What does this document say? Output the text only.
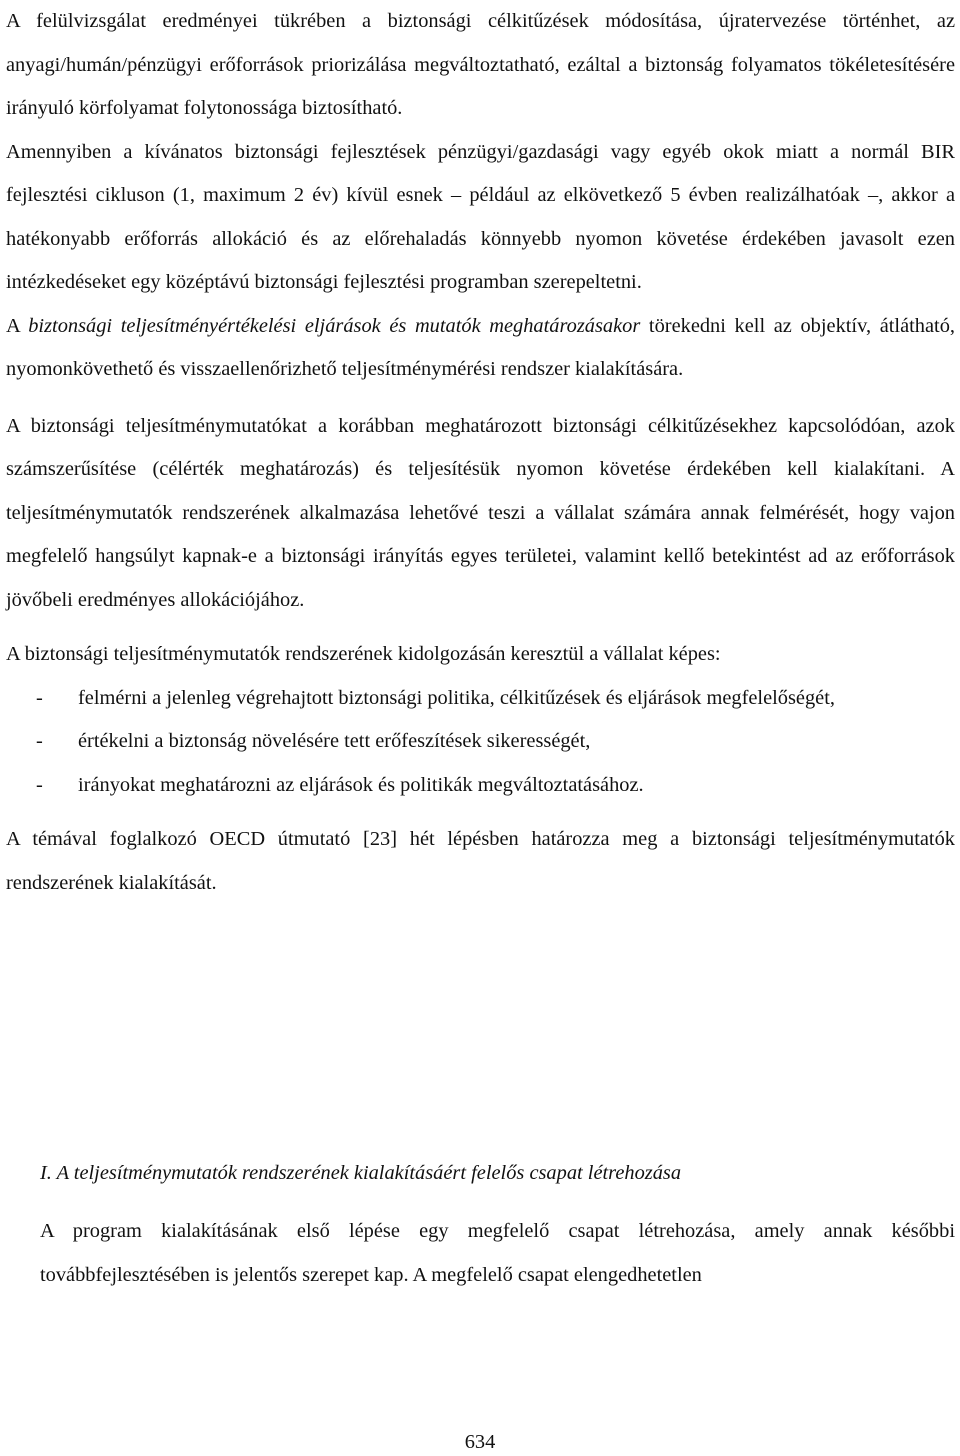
A felülvizsgálat eredményei tükrében a biztonsági célkitűzések módosítása, újratervezése történhet, az anyagi/humán/pénzügyi erőforrások priorizálása megváltoztatható, ezáltal a biztonság folyamatos tökéletesítésére irányuló körfolyamat folytonossága biztosítható.

Amennyiben a kívánatos biztonsági fejlesztések pénzügyi/gazdasági vagy egyéb okok miatt a normál BIR fejlesztési cikluson (1, maximum 2 év) kívül esnek – például az elkövetkező 5 évben realizálhatóak –, akkor a hatékonyabb erőforrás allokáció és az előrehaladás könnyebb nyomon követése érdekében javasolt ezen intézkedéseket egy középtávú biztonsági fejlesztési programban szerepeltetni.

A biztonsági teljesítményértékelési eljárások és mutatók meghatározásakor törekedni kell az objektív, átlátható, nyomonkövethető és visszaellenőrizhető teljesítménymérési rendszer kialakítására.

A biztonsági teljesítménymutatókat a korábban meghatározott biztonsági célkitűzésekhez kapcsolódóan, azok számszerűsítése (célérték meghatározás) és teljesítésük nyomon követése érdekében kell kialakítani. A teljesítménymutatók rendszerének alkalmazása lehetővé teszi a vállalat számára annak felmérését, hogy vajon megfelelő hangsúlyt kapnak-e a biztonsági irányítás egyes területei, valamint kellő betekintést ad az erőforrások jövőbeli eredményes allokációjához.

A biztonsági teljesítménymutatók rendszerének kidolgozásán keresztül a vállalat képes:

- felmérni a jelenleg végrehajtott biztonsági politika, célkitűzések és eljárások megfelelőségét,
- értékelni a biztonság növelésére tett erőfeszítések sikerességét,
- irányokat meghatározni az eljárások és politikák megváltoztatásához.

A témával foglalkozó OECD útmutató [23] hét lépésben határozza meg a biztonsági teljesítménymutatók rendszerének kialakítását.

I. A teljesítménymutatók rendszerének kialakításáért felelős csapat létrehozása

A program kialakításának első lépése egy megfelelő csapat létrehozása, amely annak későbbi továbbfejlesztésében is jelentős szerepet kap. A megfelelő csapat elengedhetetlen

634
